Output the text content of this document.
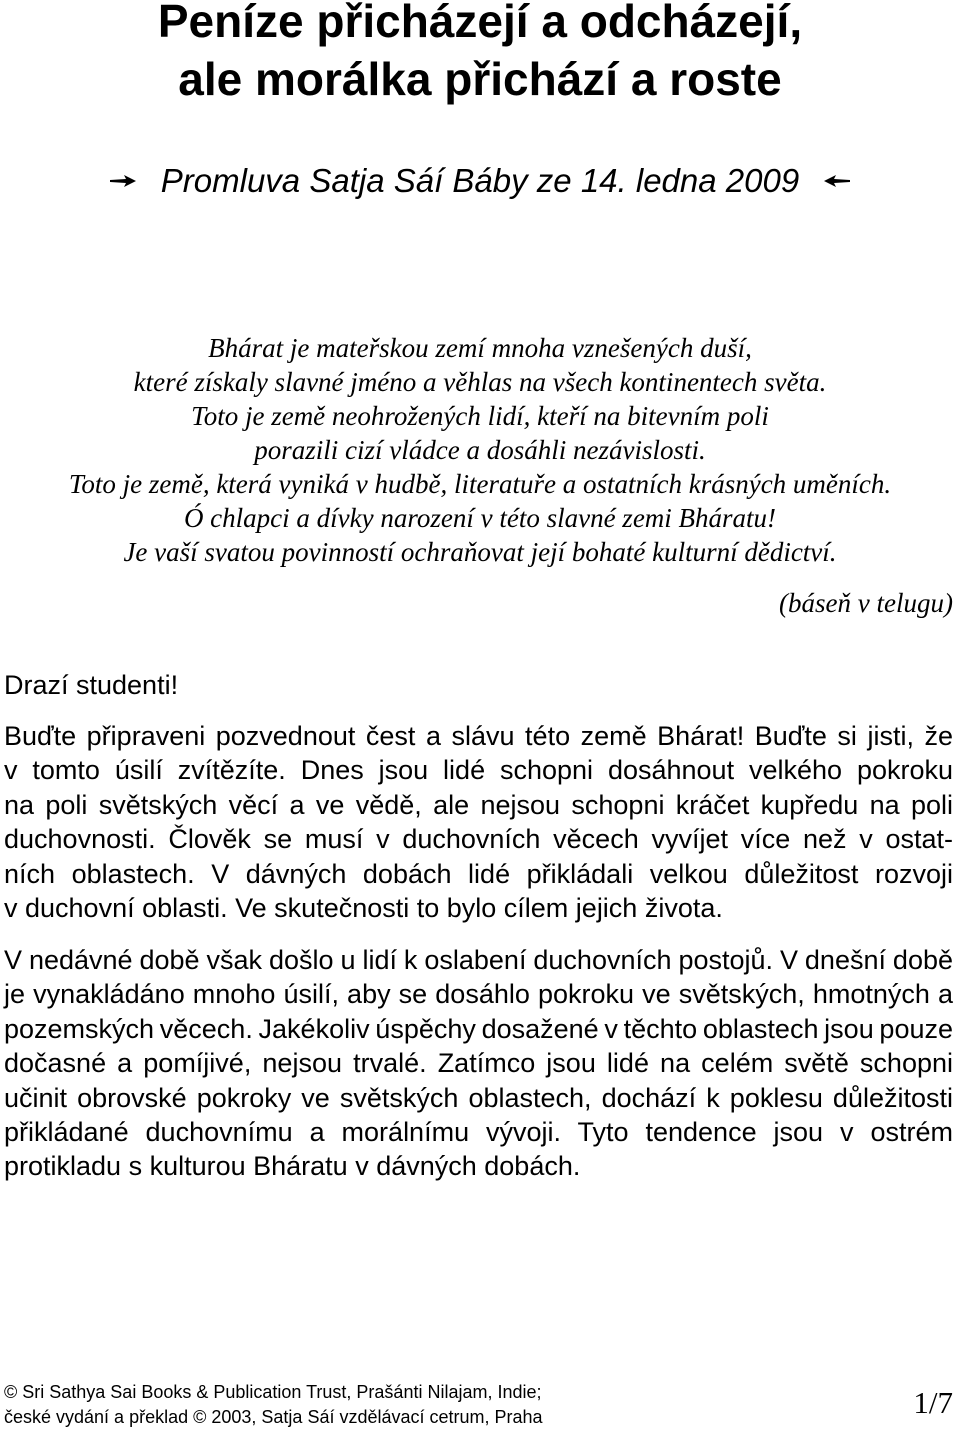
Peníze přicházejí a odcházejí,
ale morálka přichází a roste
Promluva Satja Sáí Báby ze 14. ledna 2009
Bhárat je mateřskou zemí mnoha vznešených duší,
které získaly slavné jméno a věhlas na všech kontinentech světa.
Toto je země neohrožených lidí, kteří na bitevním poli
porazili cizí vládce a dosáhli nezávislosti.
Toto je země, která vyniká v hudbě, literatuře a ostatních krásných uměních.
Ó chlapci a dívky narození v této slavné zemi Bháratu!
Je vaší svatou povinností ochraňovat její bohaté kulturní dědictví.
(báseň v telugu)
Drazí studenti!
Buďte připraveni pozvednout čest a slávu této země Bhárat! Buďte si jisti, že
v tomto úsilí zvítězíte. Dnes jsou lidé schopni dosáhnout velkého pokroku
na poli světských věcí a ve vědě, ale nejsou schopni kráčet kupředu na poli
duchovnosti. Člověk se musí v duchovních věcech vyvíjet více než v ostat-
ních oblastech. V dávných dobách lidé přikládali velkou důležitost rozvoji
v duchovní oblasti. Ve skutečnosti to bylo cílem jejich života.
V nedávné době však došlo u lidí k oslabení duchovních postojů. V dnešní době
je vynakládáno mnoho úsilí, aby se dosáhlo pokroku ve světských, hmotných a
pozemských věcech. Jakékoliv úspěchy dosažené v těchto oblastech jsou pouze
dočasné a pomíjivé, nejsou trvalé. Zatímco jsou lidé na celém světě schopni
učinit obrovské pokroky ve světských oblastech, dochází k poklesu důležitosti
přikládané duchovnímu a morálnímu vývoji. Tyto tendence jsou v ostrém
protikladu s kulturou Bháratu v dávných dobách.
© Sri Sathya Sai Books & Publication Trust, Prašánti Nilajam, Indie;
české vydání a překlad © 2003, Satja Sáí vzdělávací cetrum, Praha	1/7
